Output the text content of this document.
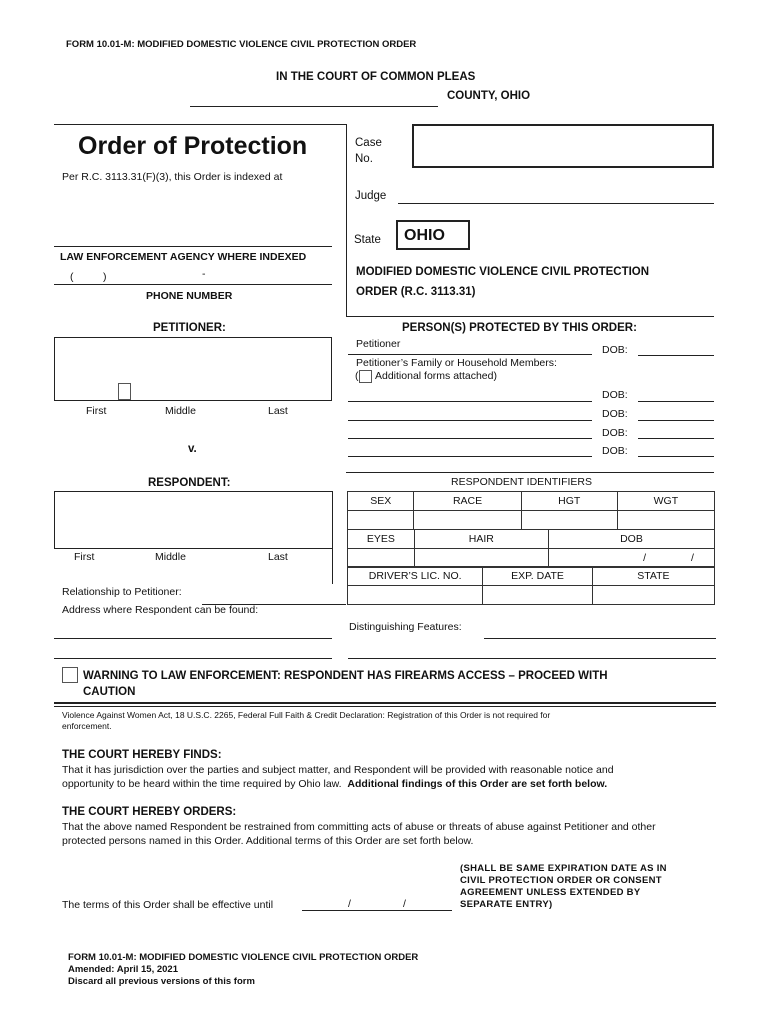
FORM 10.01-M: MODIFIED DOMESTIC VIOLENCE CIVIL PROTECTION ORDER
IN THE COURT OF COMMON PLEAS
COUNTY, OHIO
Order of Protection
Per R.C. 3113.31(F)(3), this Order is indexed at
LAW ENFORCEMENT AGENCY WHERE INDEXED
(	)	-
PHONE NUMBER
Case
No.
Judge
State OHIO
MODIFIED DOMESTIC VIOLENCE CIVIL PROTECTION
ORDER (R.C. 3113.31)
PETITIONER:
First	Middle	Last
v.
PERSON(S) PROTECTED BY THIS ORDER:
Petitioner	DOB:
Petitioner’s Family or Household Members:
( Additional forms attached)
DOB:
DOB:
DOB:
DOB:
RESPONDENT:
First	Middle	Last
Relationship to Petitioner:
Address where Respondent can be found:
RESPONDENT IDENTIFIERS
SEX	RACE	HGT	WGT

EYES	HAIR	DOB
		/ /
DRIVER’S LIC. NO.	EXP. DATE	STATE

Distinguishing Features:
WARNING TO LAW ENFORCEMENT: RESPONDENT HAS FIREARMS ACCESS – PROCEED WITH
CAUTION
Violence Against Women Act, 18 U.S.C. 2265, Federal Full Faith & Credit Declaration: Registration of this Order is not required for
enforcement.
THE COURT HEREBY FINDS:
That it has jurisdiction over the parties and subject matter, and Respondent will be provided with reasonable notice and
opportunity to be heard within the time required by Ohio law.  Additional findings of this Order are set forth below.
THE COURT HEREBY ORDERS:
That the above named Respondent be restrained from committing acts of abuse or threats of abuse against Petitioner and other
protected persons named in this Order. Additional terms of this Order are set forth below.
The terms of this Order shall be effective until	/	/
(SHALL BE SAME EXPIRATION DATE AS IN
CIVIL PROTECTION ORDER OR CONSENT
AGREEMENT UNLESS EXTENDED BY
SEPARATE ENTRY)
FORM 10.01-M: MODIFIED DOMESTIC VIOLENCE CIVIL PROTECTION ORDER
Amended: April 15, 2021
Discard all previous versions of this form
